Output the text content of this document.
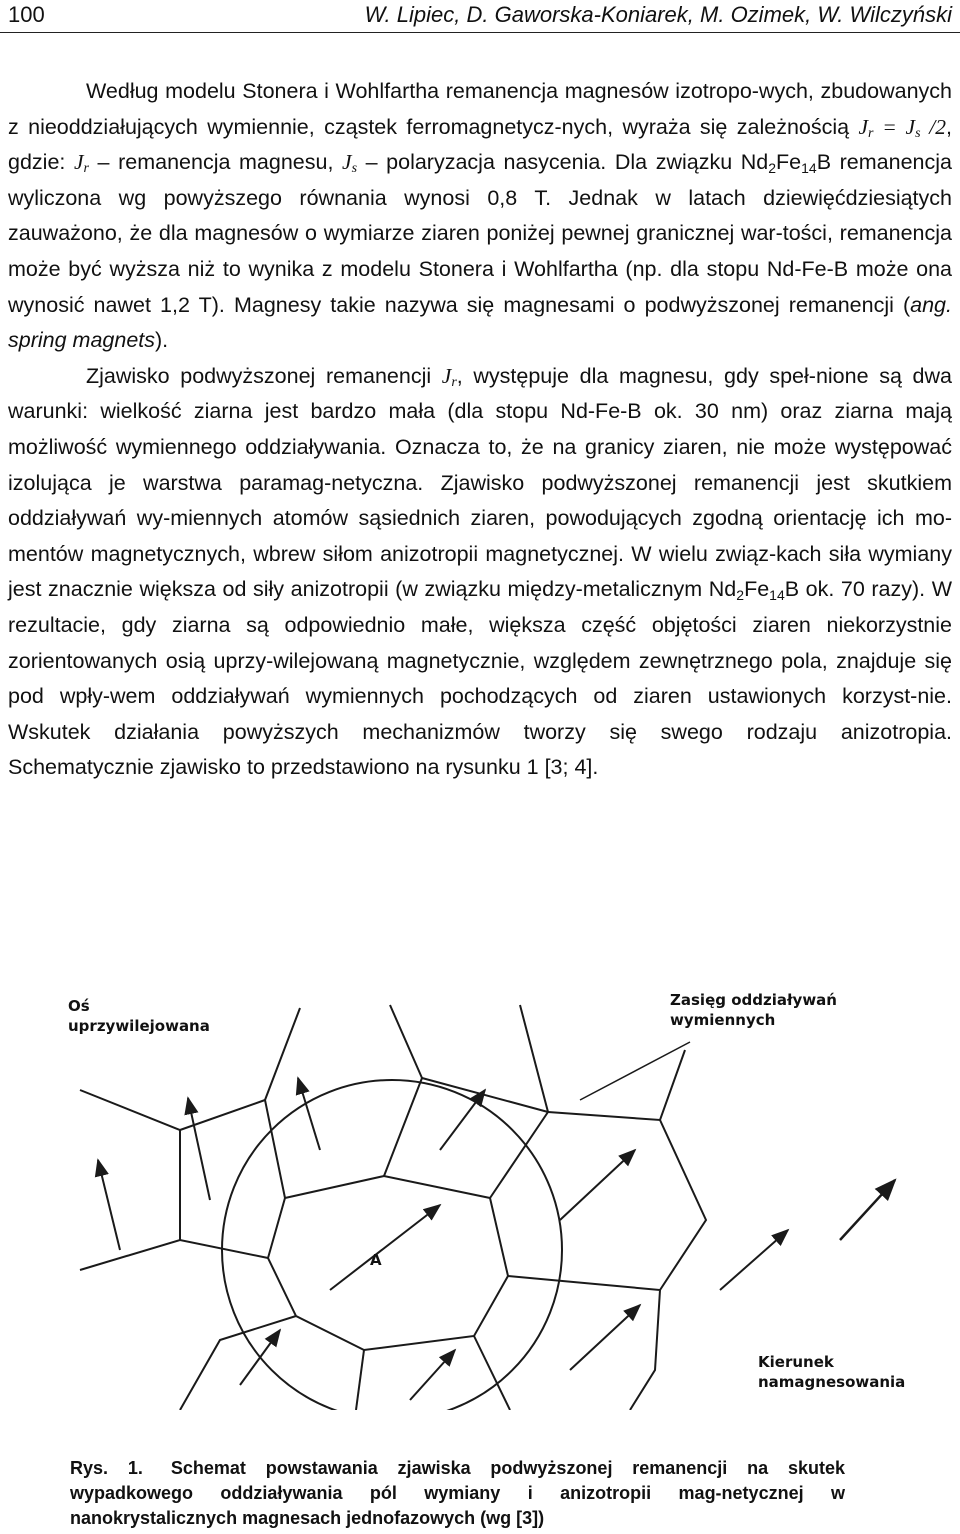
100	W. Lipiec, D. Gaworska-Koniarek, M. Ozimek, W. Wilczyński

Według modelu Stonera i Wohlfartha remanencja magnesów izotropo-wych, zbudowanych z nieoddziałujących wymiennie, cząstek ferromagnetycz-nych, wyraża się zależnością $J_r = J_s$ /2, gdzie: $J_r$ – remanencja magnesu, $J_s$ – polaryzacja nasycenia. Dla związku $Nd_2Fe_{14}B$ remanencja wyliczona wg powyższego równania wynosi 0,8 T. Jednak w latach dziewięćdziesiątych zauważono, że dla magnesów o wymiarze ziaren poniżej pewnej granicznej war-tości, remanencja może być wyższa niż to wynika z modelu Stonera i Wohlfartha (np. dla stopu Nd-Fe-B może ona wynosić nawet 1,2 T). Magnesy takie nazywa się magnesami o podwyższonej remanencji (ang. spring magnets).

Zjawisko podwyższonej remanencji $J_r$, występuje dla magnesu, gdy speł-nione są dwa warunki: wielkość ziarna jest bardzo mała (dla stopu Nd-Fe-B ok. 30 nm) oraz ziarna mają możliwość wymiennego oddziaływania. Oznacza to, że na granicy ziaren, nie może występować izolująca je warstwa paramag-netyczna. Zjawisko podwyższonej remanencji jest skutkiem oddziaływań wy-miennych atomów sąsiednich ziaren, powodujących zgodną orientację ich mo-mentów magnetycznych, wbrew siłom anizotropii magnetycznej. W wielu związ-kach siła wymiany jest znacznie większa od siły anizotropii (w związku między-metalicznym $Nd_2Fe_{14}B$ ok. 70 razy). W rezultacie, gdy ziarna są odpowiednio małe, większa część objętości ziaren niekorzystnie zorientowanych osią uprzy-wilejowaną magnetycznie, względem zewnętrznego pola, znajduje się pod wpły-wem oddziaływań wymiennych pochodzących od ziaren ustawionych korzyst-nie. Wskutek działania powyższych mechanizmów tworzy się swego rodzaju anizotropia. Schematycznie zjawisko to przedstawiono na rysunku 1 [3; 4].

Oś
uprzywilejowana
Zasięg oddziaływań
wymiennych
A
Kierunek
namagnesowania
Rys. 1. Schemat powstawania zjawiska podwyższonej remanencji na skutek wypadkowego oddziaływania pól wymiany i anizotropii mag-netycznej w nanokrystalicznych magnesach jednofazowych (wg [3])
